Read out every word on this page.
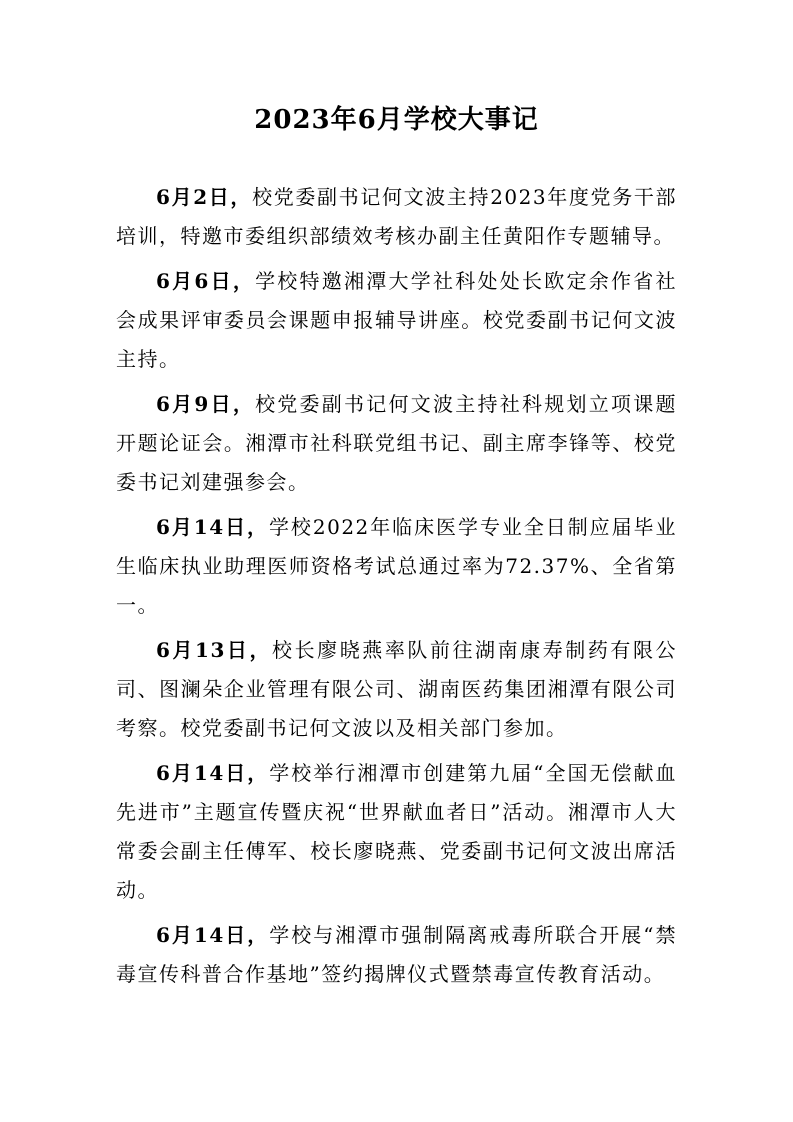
2023年6月学校大事记

6月2日，校党委副书记何文波主持2023年度党务干部培训，特邀市委组织部绩效考核办副主任黄阳作专题辅导。

6月6日，学校特邀湘潭大学社科处处长欧定余作省社会成果评审委员会课题申报辅导讲座。校党委副书记何文波主持。

6月9日，校党委副书记何文波主持社科规划立项课题开题论证会。湘潭市社科联党组书记、副主席李锋等、校党委书记刘建强参会。

6月14日，学校2022年临床医学专业全日制应届毕业生临床执业助理医师资格考试总通过率为72.37%、全省第一。

6月13日，校长廖晓燕率队前往湖南康寿制药有限公司、图澜朵企业管理有限公司、湖南医药集团湘潭有限公司考察。校党委副书记何文波以及相关部门参加。

6月14日，学校举行湘潭市创建第九届“全国无偿献血先进市”主题宣传暨庆祝“世界献血者日”活动。湘潭市人大常委会副主任傅军、校长廖晓燕、党委副书记何文波出席活动。

6月14日，学校与湘潭市强制隔离戒毒所联合开展“禁毒宣传科普合作基地”签约揭牌仪式暨禁毒宣传教育活动。
